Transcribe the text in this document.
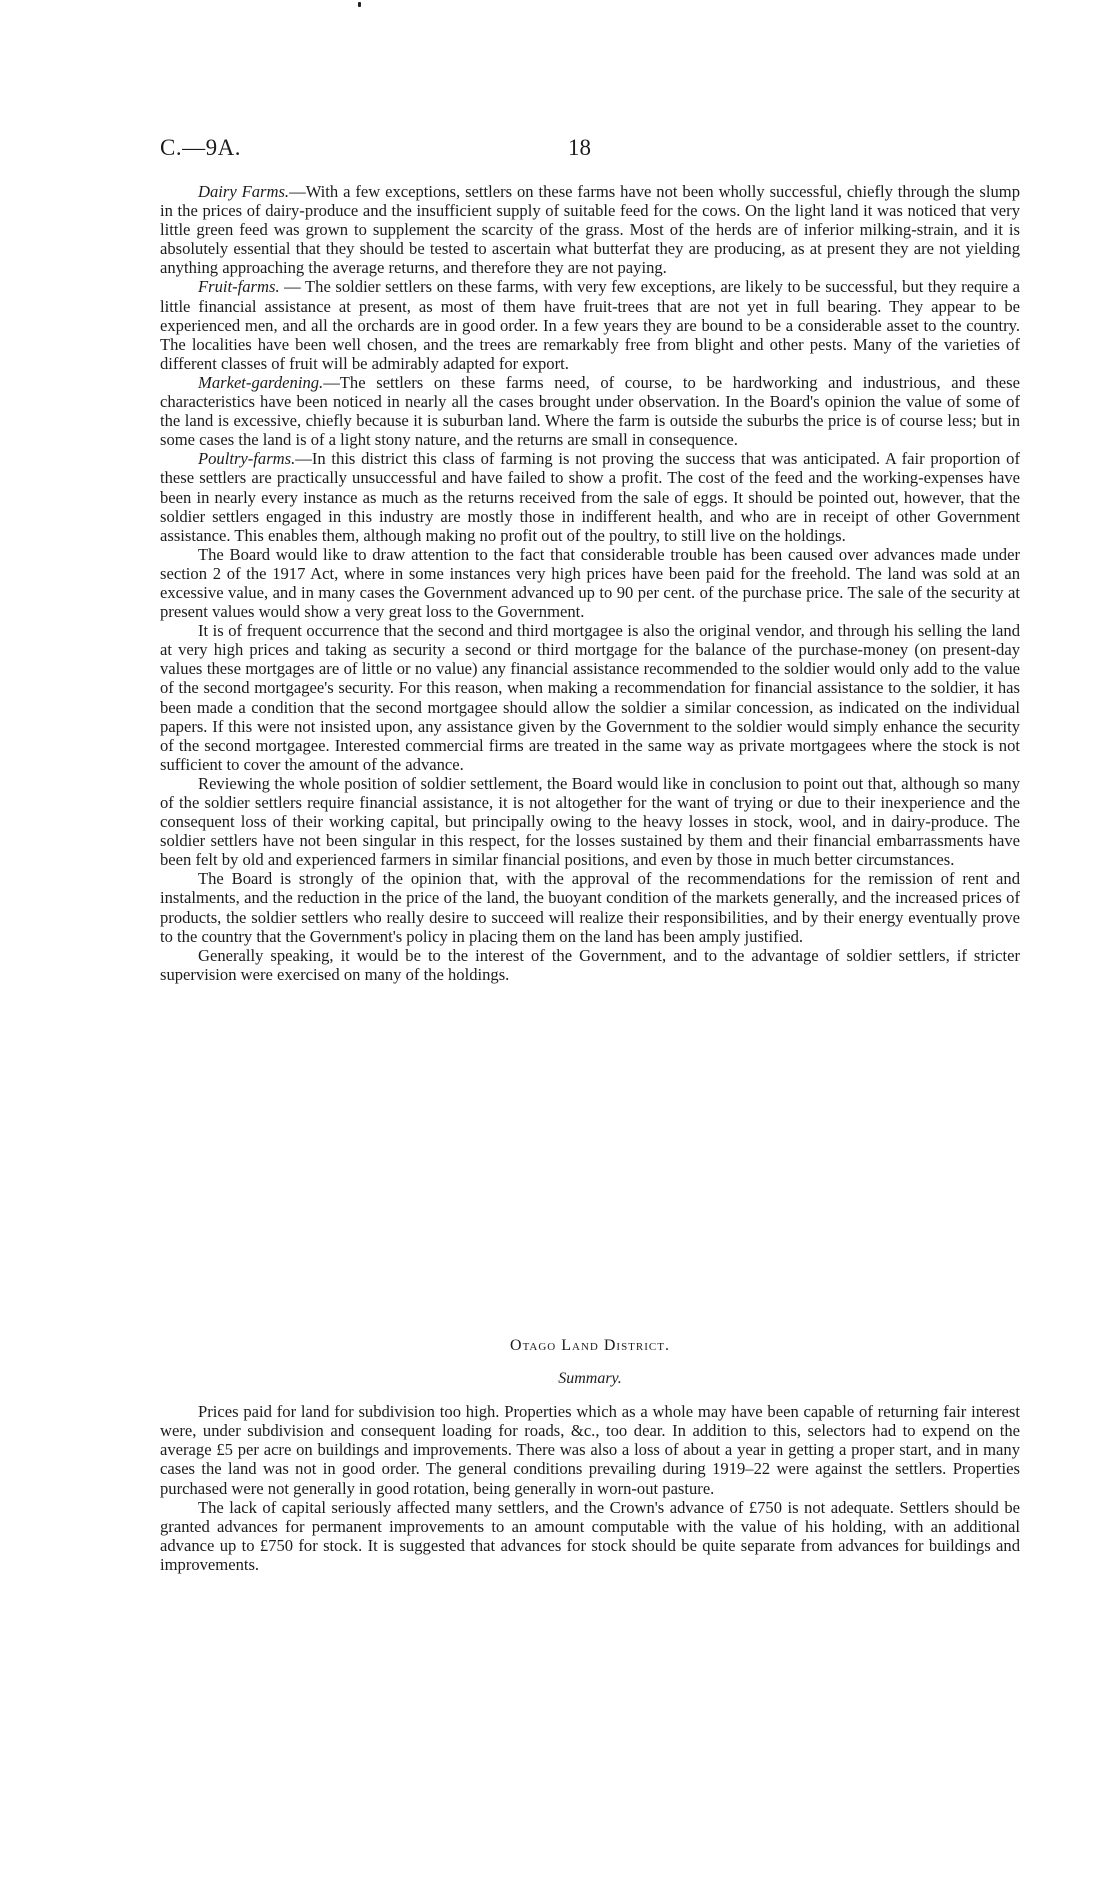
C.—9A.	18

Dairy Farms.—With a few exceptions, settlers on these farms have not been wholly successful, chiefly through the slump in the prices of dairy-produce and the insufficient supply of suitable feed for the cows. On the light land it was noticed that very little green feed was grown to supplement the scarcity of the grass. Most of the herds are of inferior milking-strain, and it is absolutely essential that they should be tested to ascertain what butterfat they are producing, as at present they are not yielding anything approaching the average returns, and therefore they are not paying.

Fruit-farms. — The soldier settlers on these farms, with very few exceptions, are likely to be successful, but they require a little financial assistance at present, as most of them have fruit-trees that are not yet in full bearing. They appear to be experienced men, and all the orchards are in good order. In a few years they are bound to be a considerable asset to the country. The localities have been well chosen, and the trees are remarkably free from blight and other pests. Many of the varieties of different classes of fruit will be admirably adapted for export.

Market-gardening.—The settlers on these farms need, of course, to be hardworking and industrious, and these characteristics have been noticed in nearly all the cases brought under observation. In the Board's opinion the value of some of the land is excessive, chiefly because it is suburban land. Where the farm is outside the suburbs the price is of course less; but in some cases the land is of a light stony nature, and the returns are small in consequence.

Poultry-farms.—In this district this class of farming is not proving the success that was anticipated. A fair proportion of these settlers are practically unsuccessful and have failed to show a profit. The cost of the feed and the working-expenses have been in nearly every instance as much as the returns received from the sale of eggs. It should be pointed out, however, that the soldier settlers engaged in this industry are mostly those in indifferent health, and who are in receipt of other Government assistance. This enables them, although making no profit out of the poultry, to still live on the holdings.

The Board would like to draw attention to the fact that considerable trouble has been caused over advances made under section 2 of the 1917 Act, where in some instances very high prices have been paid for the freehold. The land was sold at an excessive value, and in many cases the Government advanced up to 90 per cent. of the purchase price. The sale of the security at present values would show a very great loss to the Government.

It is of frequent occurrence that the second and third mortgagee is also the original vendor, and through his selling the land at very high prices and taking as security a second or third mortgage for the balance of the purchase-money (on present-day values these mortgages are of little or no value) any financial assistance recommended to the soldier would only add to the value of the second mortgagee's security. For this reason, when making a recommendation for financial assistance to the soldier, it has been made a condition that the second mortgagee should allow the soldier a similar concession, as indicated on the individual papers. If this were not insisted upon, any assistance given by the Government to the soldier would simply enhance the security of the second mortgagee. Interested commercial firms are treated in the same way as private mortgagees where the stock is not sufficient to cover the amount of the advance.

Reviewing the whole position of soldier settlement, the Board would like in conclusion to point out that, although so many of the soldier settlers require financial assistance, it is not altogether for the want of trying or due to their inexperience and the consequent loss of their working capital, but principally owing to the heavy losses in stock, wool, and in dairy-produce. The soldier settlers have not been singular in this respect, for the losses sustained by them and their financial embarrassments have been felt by old and experienced farmers in similar financial positions, and even by those in much better circumstances.

The Board is strongly of the opinion that, with the approval of the recommendations for the remission of rent and instalments, and the reduction in the price of the land, the buoyant condition of the markets generally, and the increased prices of products, the soldier settlers who really desire to succeed will realize their responsibilities, and by their energy eventually prove to the country that the Government's policy in placing them on the land has been amply justified.

Generally speaking, it would be to the interest of the Government, and to the advantage of soldier settlers, if stricter supervision were exercised on many of the holdings.

Otago Land District.
Summary.

Prices paid for land for subdivision too high. Properties which as a whole may have been capable of returning fair interest were, under subdivision and consequent loading for roads, &c., too dear. In addition to this, selectors had to expend on the average £5 per acre on buildings and improvements. There was also a loss of about a year in getting a proper start, and in many cases the land was not in good order. The general conditions prevailing during 1919–22 were against the settlers. Properties purchased were not generally in good rotation, being generally in worn-out pasture.

The lack of capital seriously affected many settlers, and the Crown's advance of £750 is not adequate. Settlers should be granted advances for permanent improvements to an amount computable with the value of his holding, with an additional advance up to £750 for stock. It is suggested that advances for stock should be quite separate from advances for buildings and improvements.
